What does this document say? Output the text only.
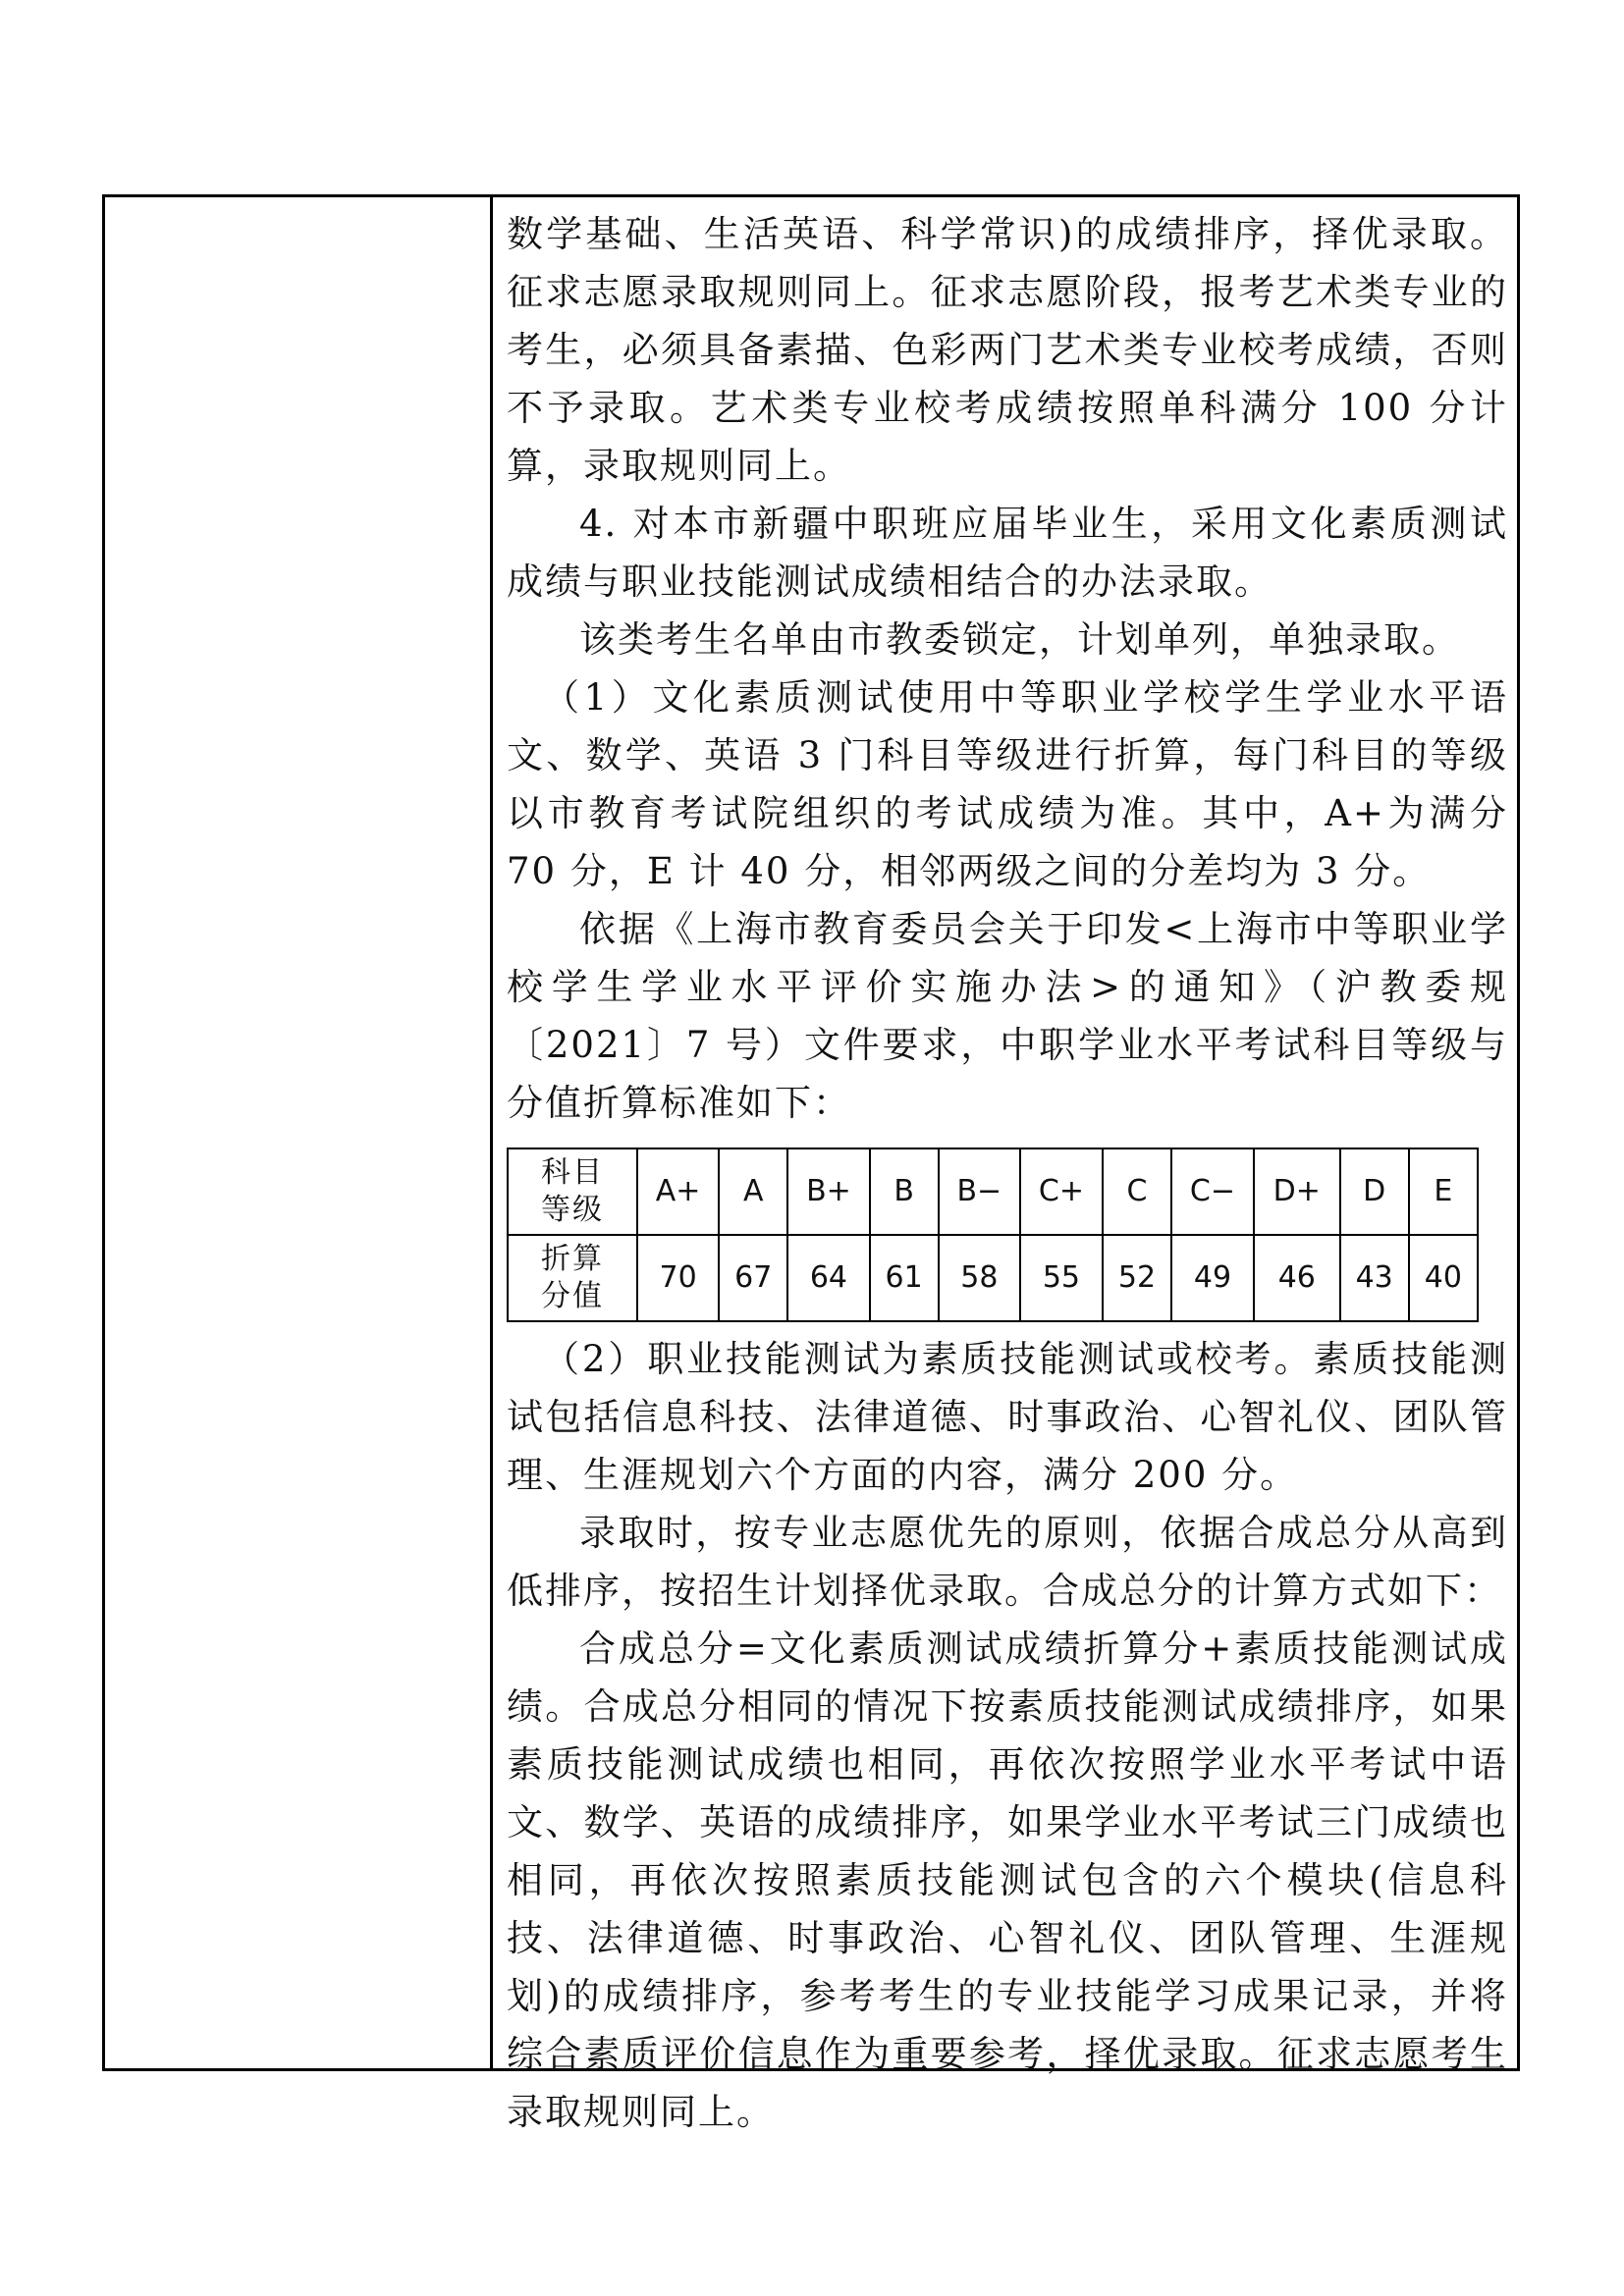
数学基础、生活英语、科学常识)的成绩排序，择优录取。征求志愿录取规则同上。征求志愿阶段，报考艺术类专业的考生，必须具备素描、色彩两门艺术类专业校考成绩，否则不予录取。艺术类专业校考成绩按照单科满分 100 分计算，录取规则同上。

4. 对本市新疆中职班应届毕业生，采用文化素质测试成绩与职业技能测试成绩相结合的办法录取。

该类考生名单由市教委锁定，计划单列，单独录取。

（1）文化素质测试使用中等职业学校学生学业水平语文、数学、英语 3 门科目等级进行折算，每门科目的等级以市教育考试院组织的考试成绩为准。其中，A+为满分 70 分，E 计 40 分，相邻两级之间的分差均为 3 分。

依据《上海市教育委员会关于印发<上海市中等职业学校学生学业水平评价实施办法>的通知》（沪教委规〔2021〕7 号）文件要求，中职学业水平考试科目等级与分值折算标准如下：

科目
等级	A+	A	B+	B	B−	C+	C	C−	D+	D	E

折算
分值	70	67	64	61	58	55	52	49	46	43	40

（2）职业技能测试为素质技能测试或校考。素质技能测试包括信息科技、法律道德、时事政治、心智礼仪、团队管理、生涯规划六个方面的内容，满分 200 分。

录取时，按专业志愿优先的原则，依据合成总分从高到低排序，按招生计划择优录取。合成总分的计算方式如下：

合成总分=文化素质测试成绩折算分+素质技能测试成绩。合成总分相同的情况下按素质技能测试成绩排序，如果素质技能测试成绩也相同，再依次按照学业水平考试中语文、数学、英语的成绩排序，如果学业水平考试三门成绩也相同，再依次按照素质技能测试包含的六个模块(信息科技、法律道德、时事政治、心智礼仪、团队管理、生涯规划)的成绩排序，参考考生的专业技能学习成果记录，并将综合素质评价信息作为重要参考，择优录取。征求志愿考生录取规则同上。
